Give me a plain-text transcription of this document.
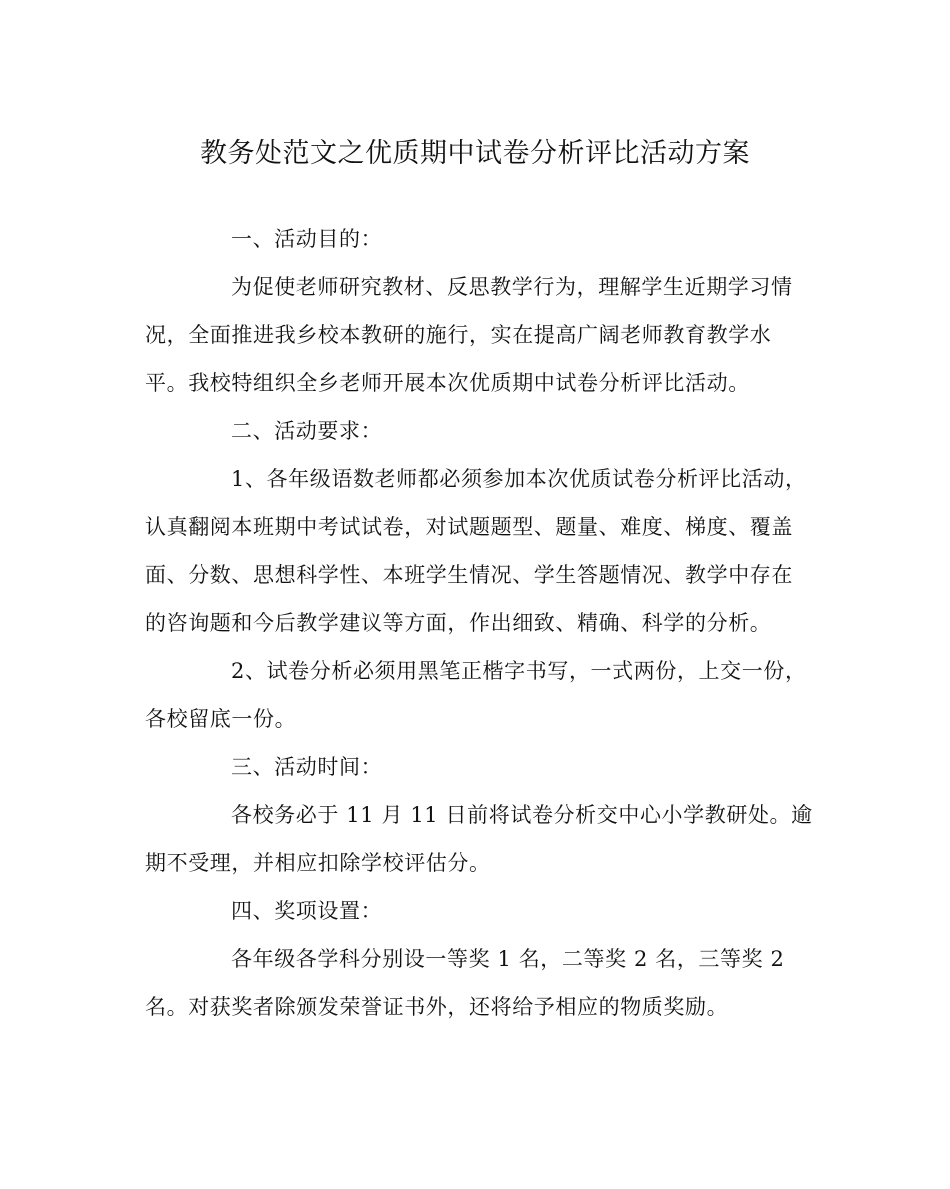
教务处范文之优质期中试卷分析评比活动方案
一、活动目的：
为促使老师研究教材、反思教学行为，理解学生近期学习情
况，全面推进我乡校本教研的施行，实在提高广阔老师教育教学水
平。我校特组织全乡老师开展本次优质期中试卷分析评比活动。
二、活动要求：
1、各年级语数老师都必须参加本次优质试卷分析评比活动，
认真翻阅本班期中考试试卷，对试题题型、题量、难度、梯度、覆盖
面、分数、思想科学性、本班学生情况、学生答题情况、教学中存在
的咨询题和今后教学建议等方面，作出细致、精确、科学的分析。
2、试卷分析必须用黑笔正楷字书写，一式两份，上交一份，
各校留底一份。
三、活动时间：
各校务必于 11 月 11 日前将试卷分析交中心小学教研处。逾
期不受理，并相应扣除学校评估分。
四、奖项设置：
各年级各学科分别设一等奖 1 名，二等奖 2 名，三等奖 2
名。对获奖者除颁发荣誉证书外，还将给予相应的物质奖励。
